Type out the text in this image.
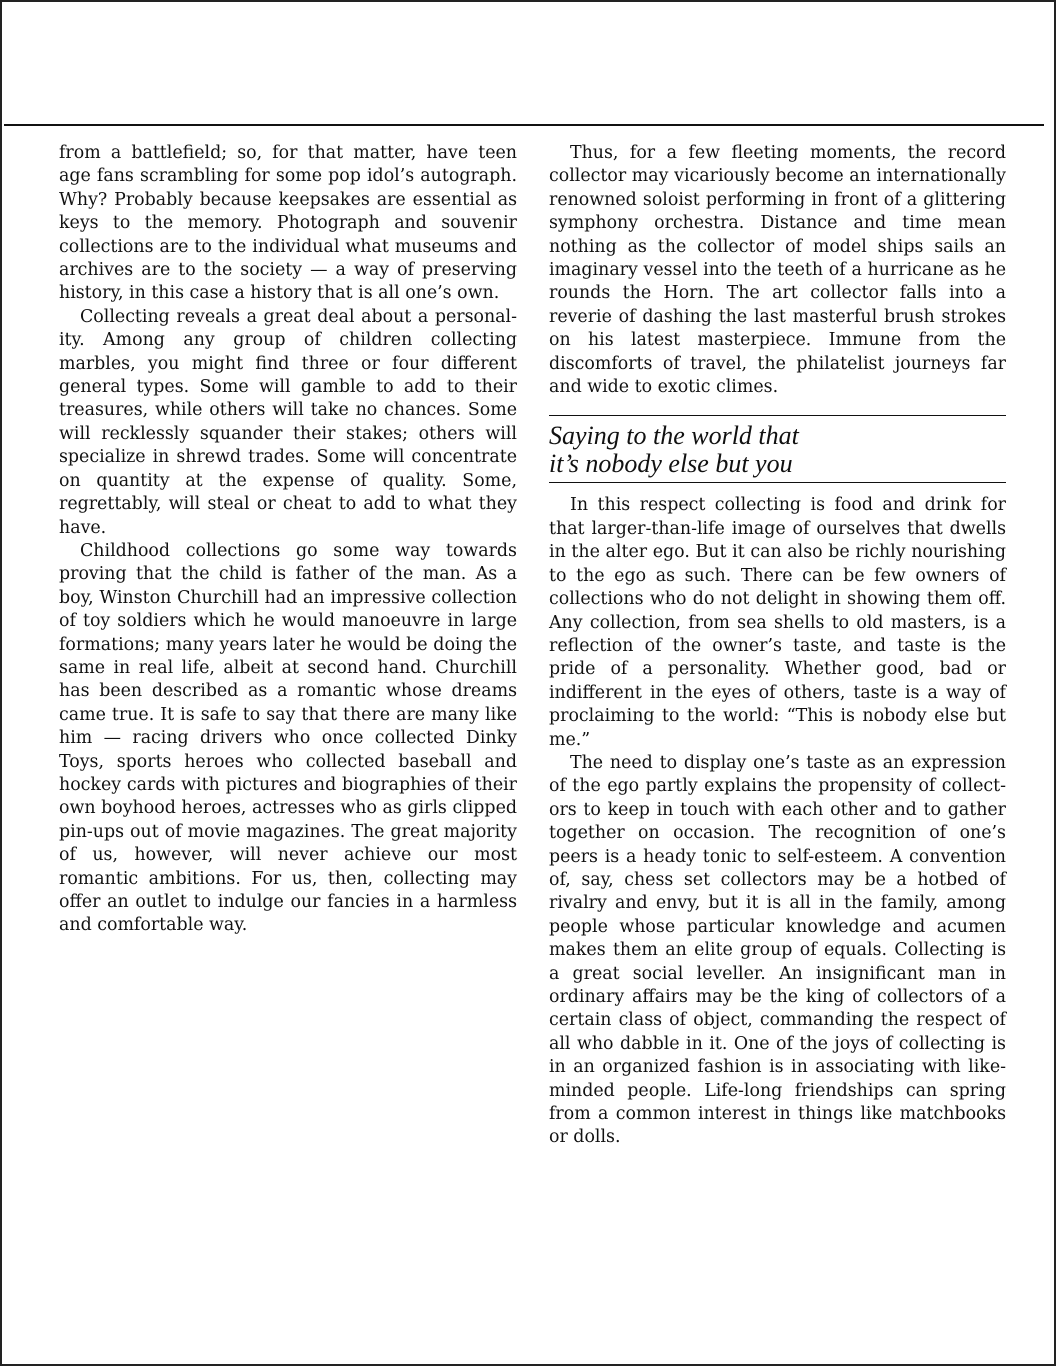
from a battlefield; so, for that matter, have teen age fans scrambling for some pop idol’s autograph. Why? Probably because keepsakes are essential as keys to the memory. Photograph and souvenir collections are to the individual what museums and archives are to the society — a way of preserving history, in this case a history that is all one’s own.

Collecting reveals a great deal about a personality. Among any group of children collecting marbles, you might find three or four different general types. Some will gamble to add to their treasures, while others will take no chances. Some will recklessly squander their stakes; others will specialize in shrewd trades. Some will concentrate on quantity at the expense of quality. Some, regrettably, will steal or cheat to add to what they have.

Childhood collections go some way towards proving that the child is father of the man. As a boy, Winston Churchill had an impressive collection of toy soldiers which he would manoeuvre in large formations; many years later he would be doing the same in real life, albeit at second hand. Churchill has been described as a romantic whose dreams came true. It is safe to say that there are many like him — racing drivers who once collected Dinky Toys, sports heroes who collected baseball and hockey cards with pictures and biographies of their own boyhood heroes, actresses who as girls clipped pin-ups out of movie magazines. The great majority of us, however, will never achieve our most romantic ambitions. For us, then, collecting may offer an outlet to indulge our fancies in a harmless and comfortable way.

Thus, for a few fleeting moments, the record collector may vicariously become an internationally renowned soloist performing in front of a glittering symphony orchestra. Distance and time mean nothing as the collector of model ships sails an imaginary vessel into the teeth of a hurricane as he rounds the Horn. The art collector falls into a reverie of dashing the last masterful brush strokes on his latest masterpiece. Immune from the discomforts of travel, the philatelist journeys far and wide to exotic climes.

Saying to the world that
it’s nobody else but you

In this respect collecting is food and drink for that larger-than-life image of ourselves that dwells in the alter ego. But it can also be richly nourishing to the ego as such. There can be few owners of collections who do not delight in showing them off. Any collection, from sea shells to old masters, is a reflection of the owner’s taste, and taste is the pride of a personality. Whether good, bad or indifferent in the eyes of others, taste is a way of proclaiming to the world: “This is nobody else but me.”

The need to display one’s taste as an expression of the ego partly explains the propensity of collectors to keep in touch with each other and to gather together on occasion. The recognition of one’s peers is a heady tonic to self-esteem. A convention of, say, chess set collectors may be a hotbed of rivalry and envy, but it is all in the family, among people whose particular knowledge and acumen makes them an elite group of equals. Collecting is a great social leveller. An insignificant man in ordinary affairs may be the king of collectors of a certain class of object, commanding the respect of all who dabble in it. One of the joys of collecting is in an organized fashion is in associating with like-minded people. Life-long friendships can spring from a common interest in things like matchbooks or dolls.
